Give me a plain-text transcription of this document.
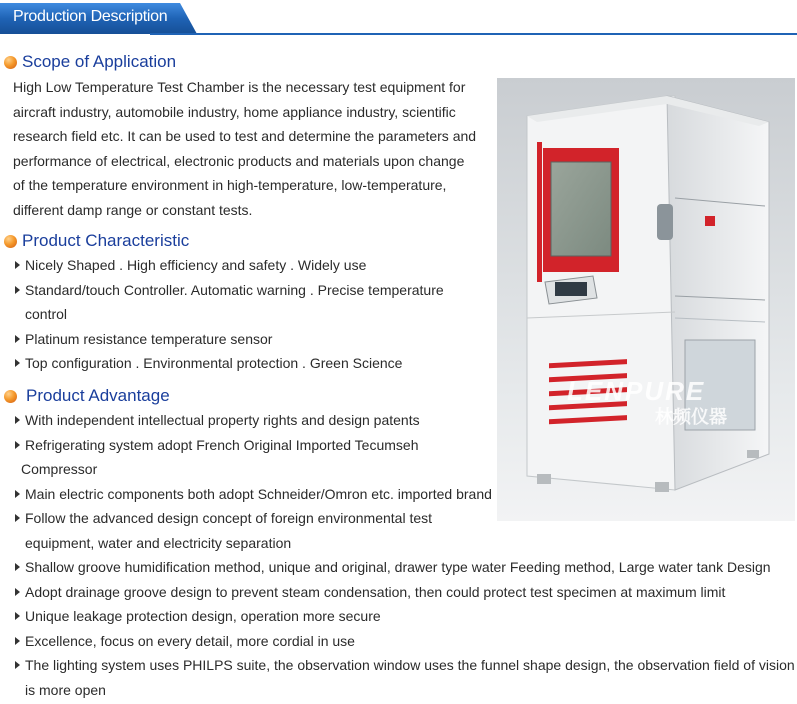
Production Description
Scope of Application
High Low Temperature Test Chamber is the necessary test equipment for
aircraft industry, automobile industry, home appliance industry, scientific
research field etc. It can be used to test and determine the parameters and
performance of electrical, electronic products and materials upon change
of the temperature environment in high-temperature, low-temperature,
different damp range or constant tests.
Product Characteristic
Nicely Shaped . High efficiency and safety . Widely use
Standard/touch Controller. Automatic warning . Precise temperature
control
Platinum resistance temperature sensor
Top configuration . Environmental protection . Green Science
Product Advantage
With independent intellectual property rights and design patents
Refrigerating system adopt French Original Imported Tecumseh
Compressor
Main electric components both adopt Schneider/Omron etc. imported brand
Follow the advanced design concept of foreign environmental test
equipment, water and electricity separation
Shallow groove humidification method, unique and original, drawer type water Feeding method, Large water tank Design
Adopt drainage groove design to prevent steam condensation, then could protect test specimen at maximum limit
Unique leakage protection design, operation more secure
Excellence, focus on every detail, more cordial in use
The lighting system uses PHILPS suite, the observation window uses the funnel shape design, the observation field of vision
is more open
LENPURE
林频仪器
